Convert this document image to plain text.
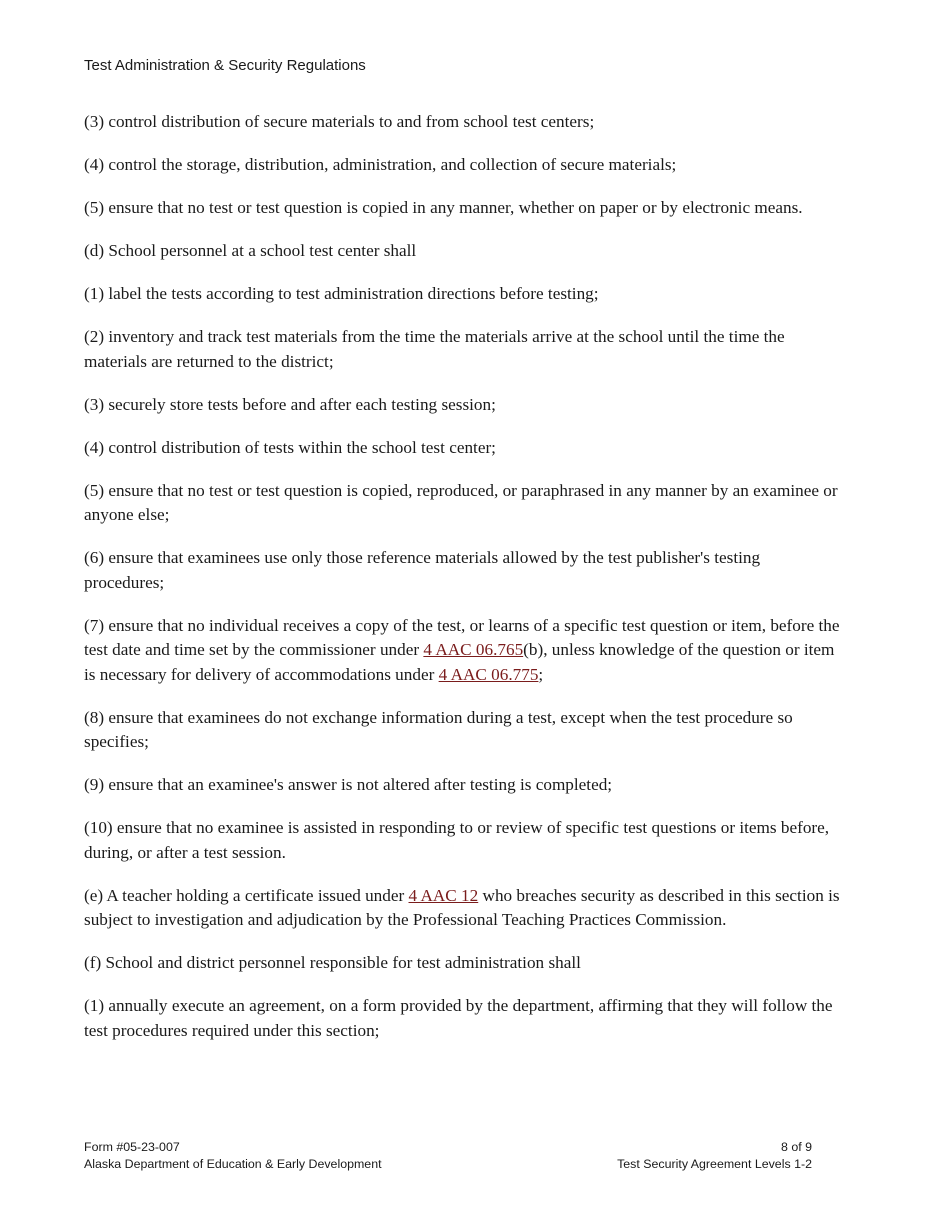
Test Administration & Security Regulations

(3) control distribution of secure materials to and from school test centers;

(4) control the storage, distribution, administration, and collection of secure materials;

(5) ensure that no test or test question is copied in any manner, whether on paper or by electronic means.

(d) School personnel at a school test center shall

(1) label the tests according to test administration directions before testing;

(2) inventory and track test materials from the time the materials arrive at the school until the time the materials are returned to the district;

(3) securely store tests before and after each testing session;

(4) control distribution of tests within the school test center;

(5) ensure that no test or test question is copied, reproduced, or paraphrased in any manner by an examinee or anyone else;

(6) ensure that examinees use only those reference materials allowed by the test publisher's testing procedures;

(7) ensure that no individual receives a copy of the test, or learns of a specific test question or item, before the test date and time set by the commissioner under 4 AAC 06.765(b), unless knowledge of the question or item is necessary for delivery of accommodations under 4 AAC 06.775;

(8) ensure that examinees do not exchange information during a test, except when the test procedure so specifies;

(9) ensure that an examinee's answer is not altered after testing is completed;

(10) ensure that no examinee is assisted in responding to or review of specific test questions or items before, during, or after a test session.

(e) A teacher holding a certificate issued under 4 AAC 12 who breaches security as described in this section is subject to investigation and adjudication by the Professional Teaching Practices Commission.

(f) School and district personnel responsible for test administration shall

(1) annually execute an agreement, on a form provided by the department, affirming that they will follow the test procedures required under this section;

Form #05-23-007
Alaska Department of Education & Early Development
8 of 9
Test Security Agreement Levels 1-2
